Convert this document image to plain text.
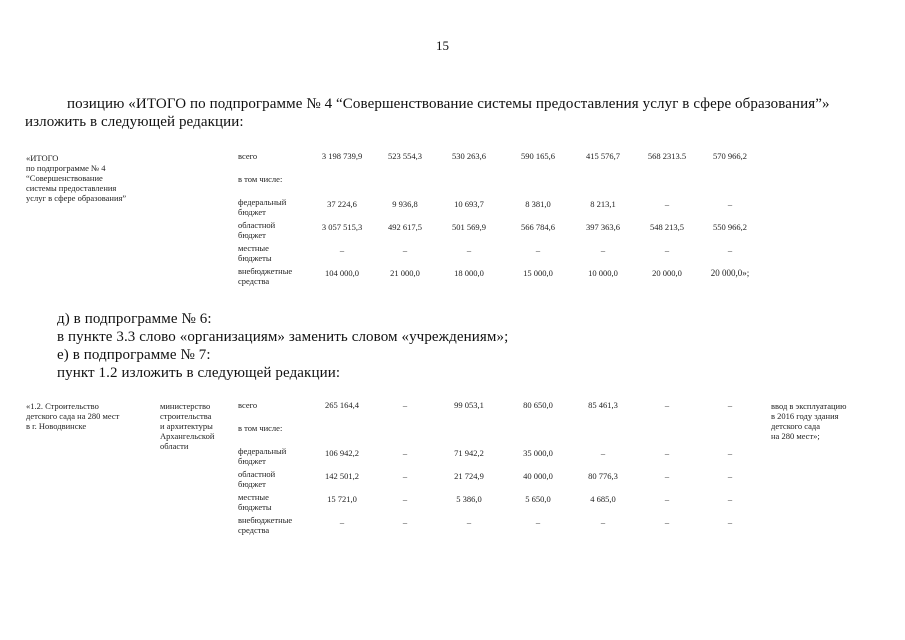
15
позицию «ИТОГО по подпрограмме № 4 “Совершенствование системы предоставления услуг в сфере образования”»
изложить в следующей редакции:
«ИТОГО
по подпрограмме № 4
“Совершенствование
системы предоставления
услуг в сфере образования”
всего	3 198 739,9	523 554,3	530 263,6	590 165,6	415 576,7	568 2313.5	570 966,2
в том числе:
федеральный
бюджет
37 224,6	9 936,8	10 693,7	8 381,0	8 213,1	–	–
областной
бюджет
3 057 515,3	492 617,5	501 569,9	566 784,6	397 363,6	548 213,5	550 966,2
местные
бюджеты
–	–	–	–	–	–	–
внебюджетные
средства
104 000,0	21 000,0	18 000,0	15 000,0	10 000,0	20 000,0	20 000,0»;
д) в подпрограмме № 6:
в пункте 3.3 слово «организациям» заменить словом «учреждениям»;
е) в подпрограмме № 7:
пункт 1.2 изложить в следующей редакции:
«1.2. Строительство
детского сада на 280 мест
в г. Новодвинске
министерство
строительства
и архитектуры
Архангельской
области
ввод в эксплуатацию
в 2016 году здания
детского сада
на 280 мест»;
всего	265 164,4	–	99 053,1	80 650,0	85 461,3	–	–
в том числе:
федеральный
бюджет
106 942,2	–	71 942,2	35 000,0	–	–	–
областной
бюджет
142 501,2	–	21 724,9	40 000,0	80 776,3	–	–
местные
бюджеты
15 721,0	–	5 386,0	5 650,0	4 685,0	–	–
внебюджетные
средства
–	–	–	–	–	–	–
